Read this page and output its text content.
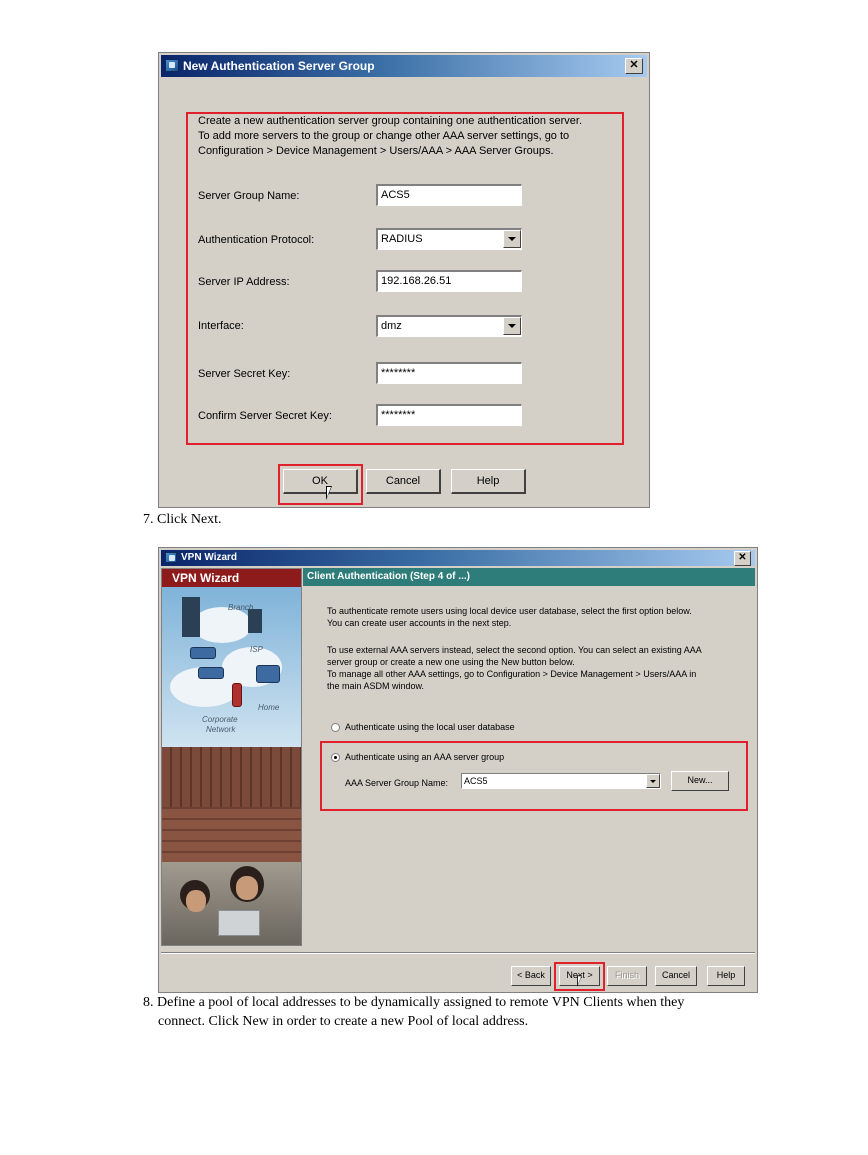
New Authentication Server Group	✕
Create a new authentication server group containing one authentication server.
To add more servers to the group or change other AAA server settings, go to
Configuration > Device Management > Users/AAA > AAA Server Groups.
Server Group Name:	ACS5
Authentication Protocol:	RADIUS
Server IP Address:	192.168.26.51
Interface:	dmz
Server Secret Key:	********
Confirm Server Secret Key:	********
OK	Cancel	Help
7. Click Next.
VPN Wizard	✕
VPN Wizard
Branch
ISP
Home
Corporate
Network
Client Authentication (Step 4 of ...)
To authenticate remote users using local device user database, select the first option below.
You can create user accounts in the next step.
To use external AAA servers instead, select the second option. You can select an existing AAA
server group or create a new one using the New button below.
To manage all other AAA settings, go to Configuration > Device Management > Users/AAA in
the main ASDM window.
Authenticate using the local user database
Authenticate using an AAA server group
AAA Server Group Name:	ACS5	New...
< Back	Next >	Finish	Cancel	Help
8. Define a pool of local addresses to be dynamically assigned to remote VPN Clients when they
connect. Click New in order to create a new Pool of local address.
